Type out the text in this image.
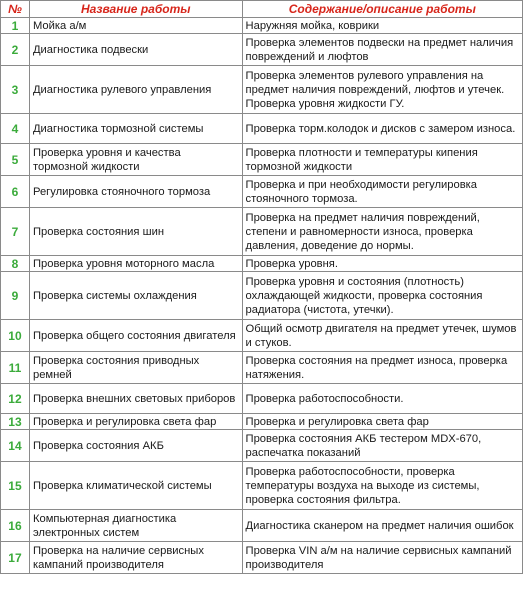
№	Название работы	Содержание/описание работы
1	Мойка а/м	Наружняя мойка, коврики
2	Диагностика подвески	Проверка элементов подвески на предмет наличия повреждений и люфтов
3	Диагностика рулевого управления	Проверка элементов рулевого управления на предмет наличия повреждений, люфтов и утечек. Проверка уровня жидкости ГУ.
4	Диагностика тормозной системы	Проверка торм.колодок и дисков с замером износа.
5	Проверка уровня и качества тормозной жидкости	Проверка плотности и температуры кипения тормозной жидкости
6	Регулировка стояночного тормоза	Проверка и при необходимости регулировка стояночного тормоза.
7	Проверка состояния шин	Проверка на предмет наличия повреждений, степени и равномерности износа, проверка давления, доведение до нормы.
8	Проверка уровня моторного масла	Проверка уровня.
9	Проверка системы охлаждения	Проверка уровня и состояния (плотность) охлаждающей жидкости, проверка состояния радиатора (чистота, утечки).
10	Проверка общего состояния двигателя	Общий осмотр двигателя на предмет утечек, шумов и стуков.
11	Проверка состояния приводных ремней	Проверка состояния на предмет износа, проверка натяжения.
12	Проверка внешних световых приборов	Проверка работоспособности.
13	Проверка и регулировка света фар	Проверка и регулировка света фар
14	Проверка состояния АКБ	Проверка состояния АКБ тестером MDX-670, распечатка показаний
15	Проверка климатической системы	Проверка работоспособности, проверка температуры воздуха на выходе из системы, проверка состояния фильтра.
16	Компьютерная диагностика электронных систем	Диагностика сканером на предмет наличия ошибок
17	Проверка на наличие сервисных кампаний производителя	Проверка VIN а/м на наличие сервисных кампаний производителя
